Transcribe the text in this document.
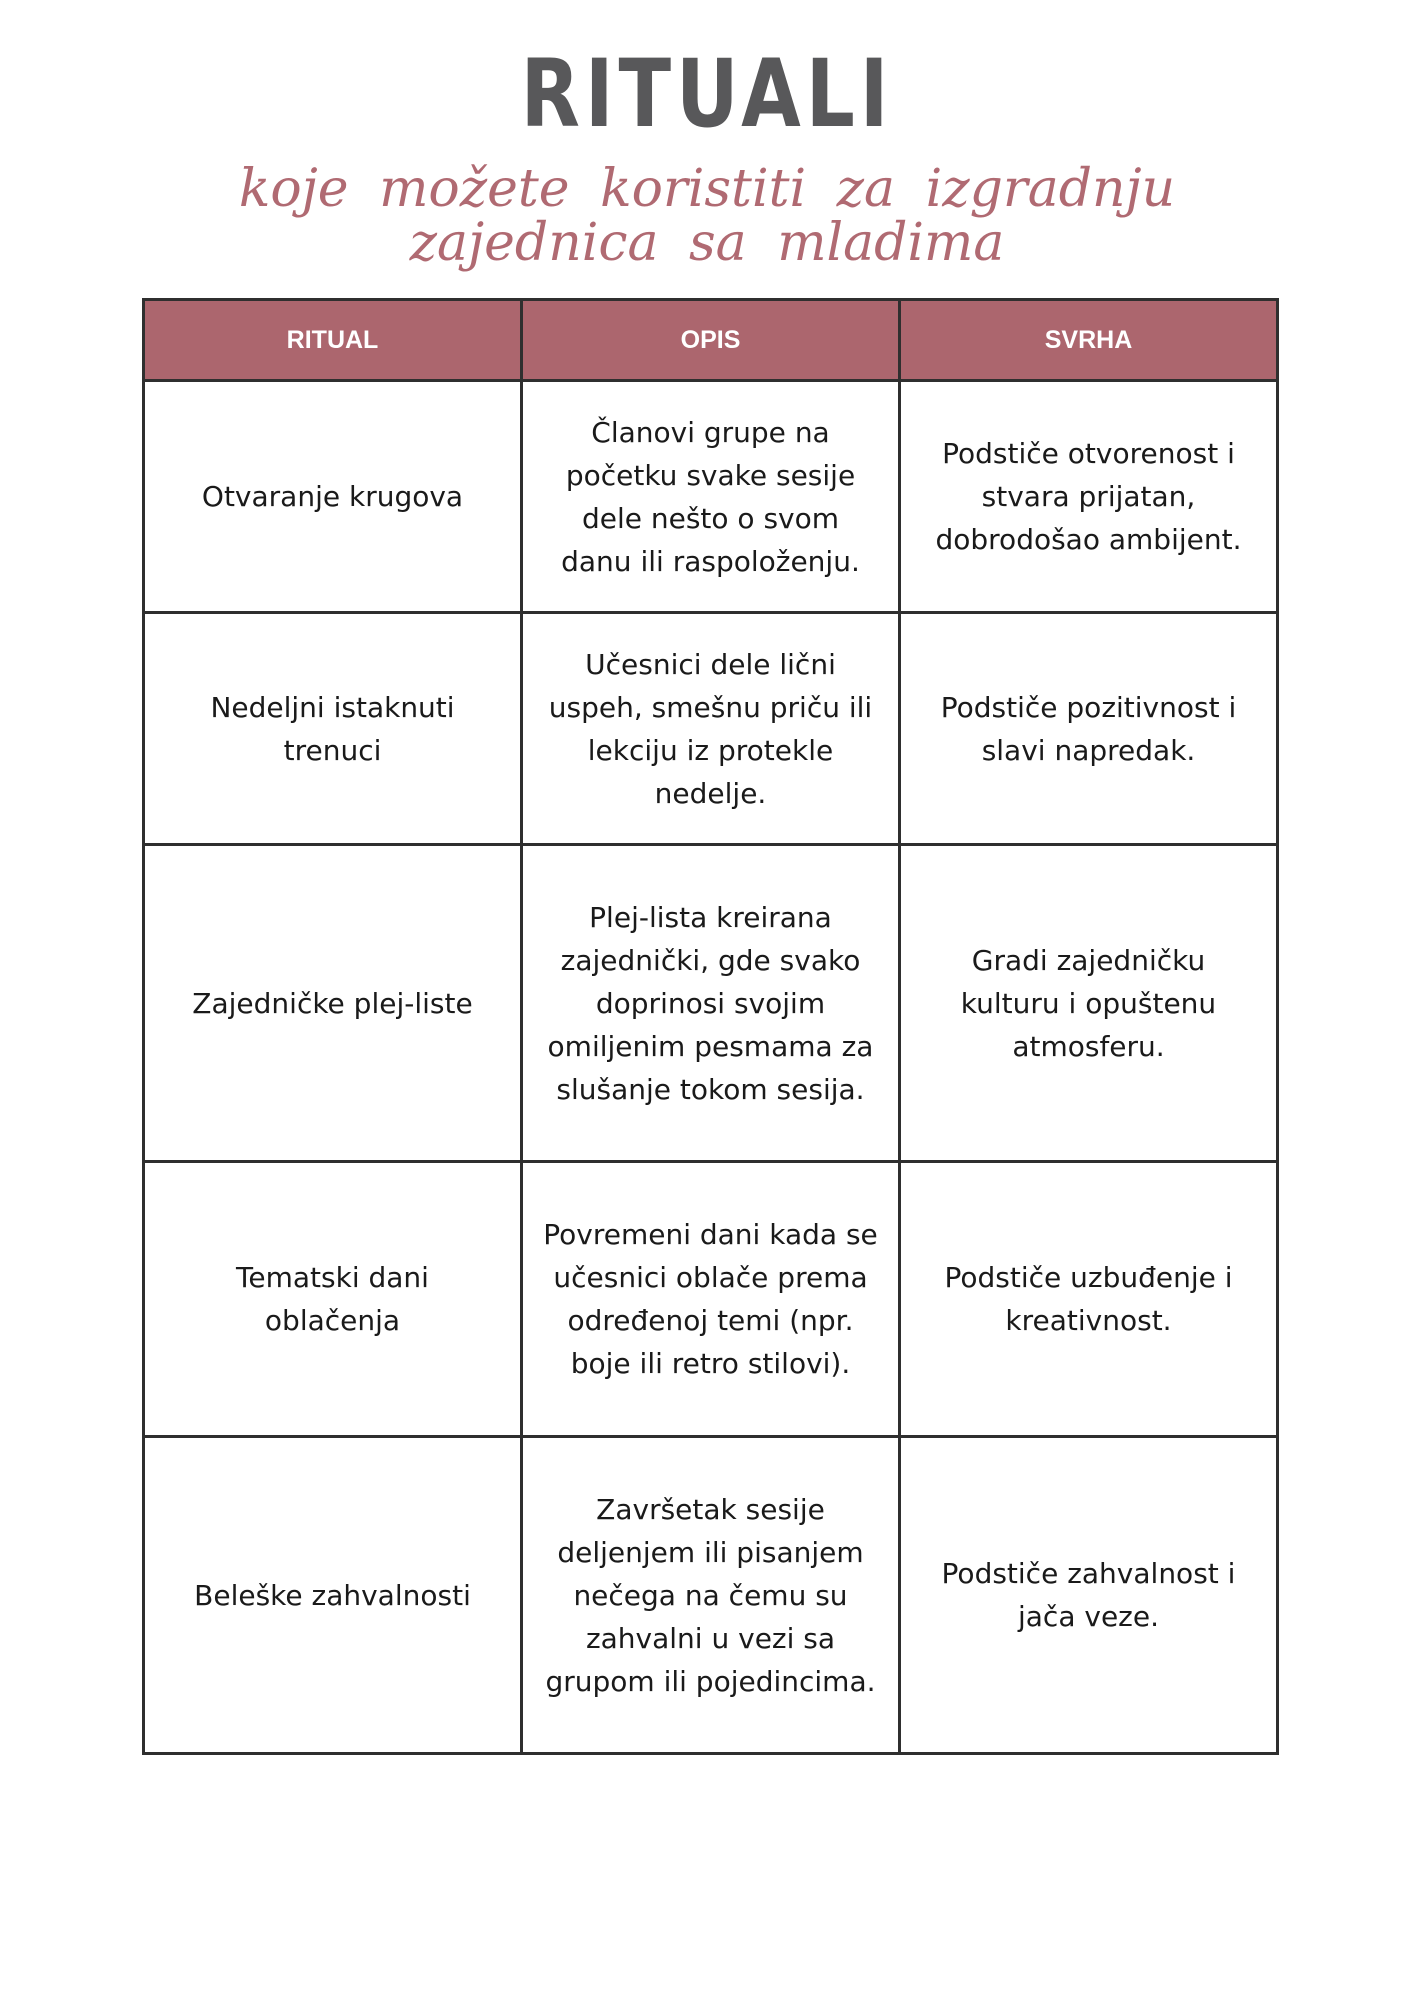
RITUALI
koje možete koristiti za izgradnju zajednica sa mladima
RITUAL	OPIS	SVRHA
Otvaranje krugova	Članovi grupe na početku svake sesije dele nešto o svom danu ili raspoloženju.	Podstiče otvorenost i stvara prijatan, dobrodošao ambijent.
Nedeljni istaknuti trenuci	Učesnici dele lični uspeh, smešnu priču ili lekciju iz protekle nedelje.	Podstiče pozitivnost i slavi napredak.
Zajedničke plej-liste	Plej-lista kreirana zajednički, gde svako doprinosi svojim omiljenim pesmama za slušanje tokom sesija.	Gradi zajedničku kulturu i opuštenu atmosferu.
Tematski dani oblačenja	Povremeni dani kada se učesnici oblače prema određenoj temi (npr. boje ili retro stilovi).	Podstiče uzbuđenje i kreativnost.
Beleške zahvalnosti	Završetak sesije deljenjem ili pisanjem nečega na čemu su zahvalni u vezi sa grupom ili pojedincima.	Podstiče zahvalnost i jača veze.
